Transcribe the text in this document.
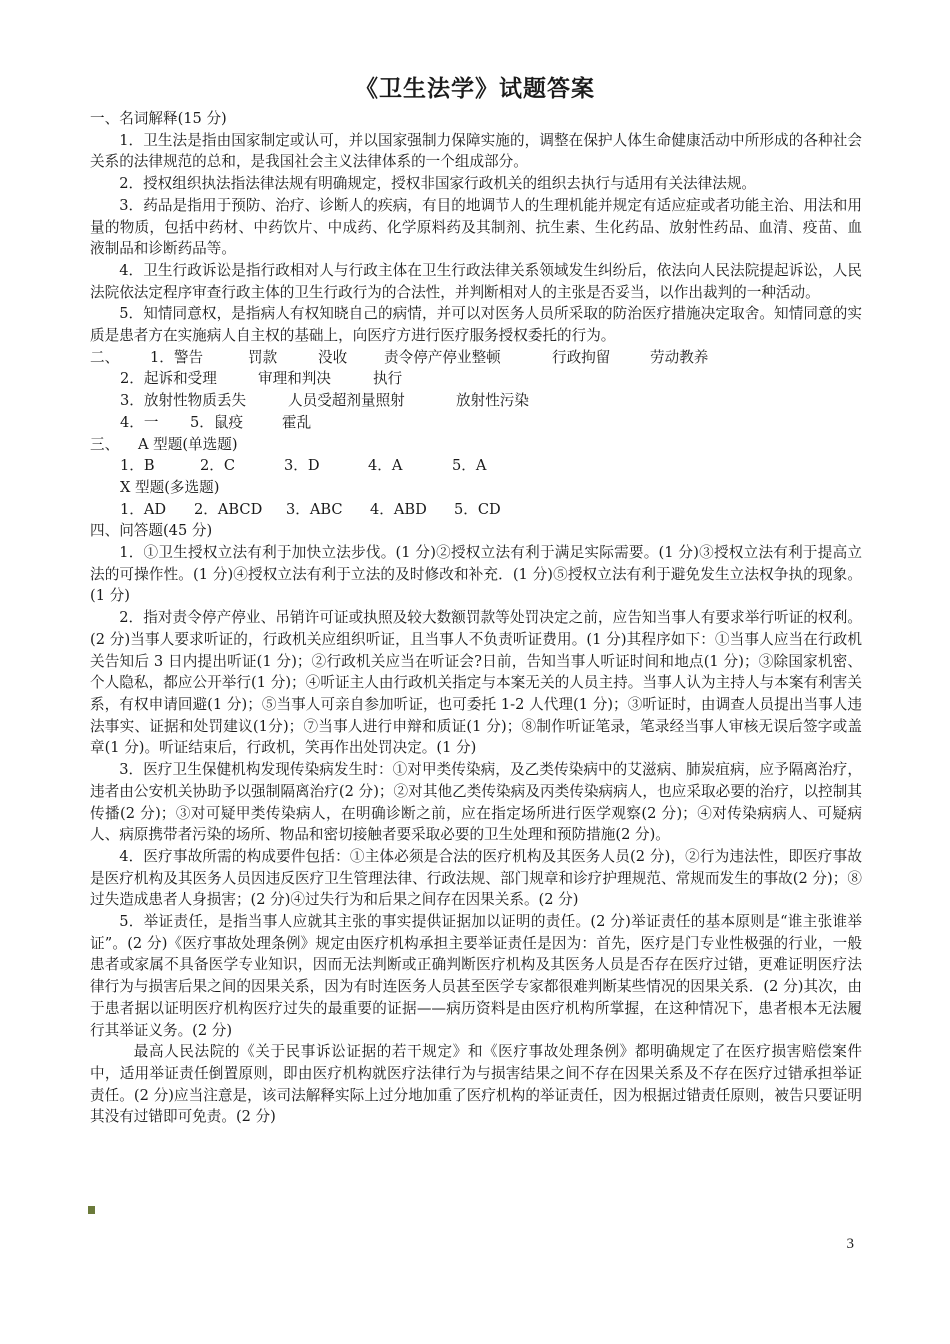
《卫生法学》试题答案

一、名词解释(15 分)

1．卫生法是指由国家制定或认可，并以国家强制力保障实施的，调整在保护人体生命健康活动中所形成的各种社会关系的法律规范的总和，是我国社会主义法律体系的一个组成部分。

2．授权组织执法指法律法规有明确规定，授权非国家行政机关的组织去执行与适用有关法律法规。

3．药品是指用于预防、治疗、诊断人的疾病，有目的地调节人的生理机能并规定有适应症或者功能主治、用法和用量的物质，包括中药材、中药饮片、中成药、化学原料药及其制剂、抗生素、生化药品、放射性药品、血清、疫苗、血液制品和诊断药品等。

4．卫生行政诉讼是指行政相对人与行政主体在卫生行政法律关系领域发生纠纷后，依法向人民法院提起诉讼，人民法院依法定程序审查行政主体的卫生行政行为的合法性，并判断相对人的主张是否妥当，以作出裁判的一种活动。

5．知情同意权，是指病人有权知晓自己的病情，并可以对医务人员所采取的防治医疗措施决定取舍。知情同意的实质是患者方在实施病人自主权的基础上，向医疗方进行医疗服务授权委托的行为。

二、 1．警告	罚款	没收	责令停产停业整顿	行政拘留	劳动教养
2．起诉和受理	审理和判决	执行
3．放射性物质丢失	人员受超剂量照射	放射性污染
4．一 5．鼠疫	霍乱
三、 A 型题(单选题)
1．B	2．C	3．D	4．A	5．A
X 型题(多选题)
1．AD 2．ABCD 3．ABC 4．ABD 5．CD

四、问答题(45 分)

1．①卫生授权立法有利于加快立法步伐。(1 分)②授权立法有利于满足实际需要。(1 分)③授权立法有利于提高立法的可操作性。(1 分)④授权立法有利于立法的及时修改和补充．(1 分)⑤授权立法有利于避免发生立法权争执的现象。(1 分)

2．指对责令停产停业、吊销许可证或执照及较大数额罚款等处罚决定之前，应告知当事人有要求举行听证的权利。(2 分)当事人要求听证的，行政机关应组织听证，且当事人不负责听证费用。(1 分)其程序如下：①当事人应当在行政机关告知后 3 日内提出听证(1 分)；②行政机关应当在听证会?日前，告知当事人听证时间和地点(1 分)；③除国家机密、个人隐私，都应公开举行(1 分)；④听证主人由行政机关指定与本案无关的人员主持。当事人认为主持人与本案有利害关系，有权申请回避(1 分)；⑤当事人可亲自参加听证，也可委托 1-2 人代理(1 分)；③听证时，由调查人员提出当事人违法事实、证据和处罚建议(1分)；⑦当事人进行申辩和质证(1 分)；⑧制作听证笔录，笔录经当事人审核无误后签字或盖章(1 分)。听证结束后，行政机，笑再作出处罚决定。(1 分)

3．医疗卫生保健机构发现传染病发生时：①对甲类传染病，及乙类传染病中的艾滋病、肺炭疽病，应予隔离治疗，违者由公安机关协助予以强制隔离治疗(2 分)；②对其他乙类传染病及丙类传染病病人，也应采取必要的治疗，以控制其传播(2 分)；③对可疑甲类传染病人，在明确诊断之前，应在指定场所进行医学观察(2 分)；④对传染病病人、可疑病人、病原携带者污染的场所、物品和密切接触者要采取必要的卫生处理和预防措施(2 分)。

4．医疗事故所需的构成要件包括：①主体必须是合法的医疗机构及其医务人员(2 分)，②行为违法性，即医疗事故是医疗机构及其医务人员因违反医疗卫生管理法律、行政法规、部门规章和诊疗护理规范、常规而发生的事故(2 分)；⑧过失造成患者人身损害；(2 分)④过失行为和后果之间存在因果关系。(2 分)

5．举证责任，是指当事人应就其主张的事实提供证据加以证明的责任。(2 分)举证责任的基本原则是“谁主张谁举证”。(2 分)《医疗事故处理条例》规定由医疗机构承担主要举证责任是因为：首先，医疗是门专业性极强的行业，一般患者或家属不具备医学专业知识，因而无法判断或正确判断医疗机构及其医务人员是否存在医疗过错，更难证明医疗法律行为与损害后果之间的因果关系，因为有时连医务人员甚至医学专家都很难判断某些情况的因果关系．(2 分)其次，由于患者据以证明医疗机构医疗过失的最重要的证据——病历资料是由医疗机构所掌握，在这种情况下，患者根本无法履行其举证义务。(2 分)

最高人民法院的《关于民事诉讼证据的若干规定》和《医疗事故处理条例》都明确规定了在医疗损害赔偿案件中，适用举证责任倒置原则，即由医疗机构就医疗法律行为与损害结果之间不存在因果关系及不存在医疗过错承担举证责任。(2 分)应当注意是，该司法解释实际上过分地加重了医疗机构的举证责任，因为根据过错责任原则，被告只要证明其没有过错即可免责。(2 分)

3
